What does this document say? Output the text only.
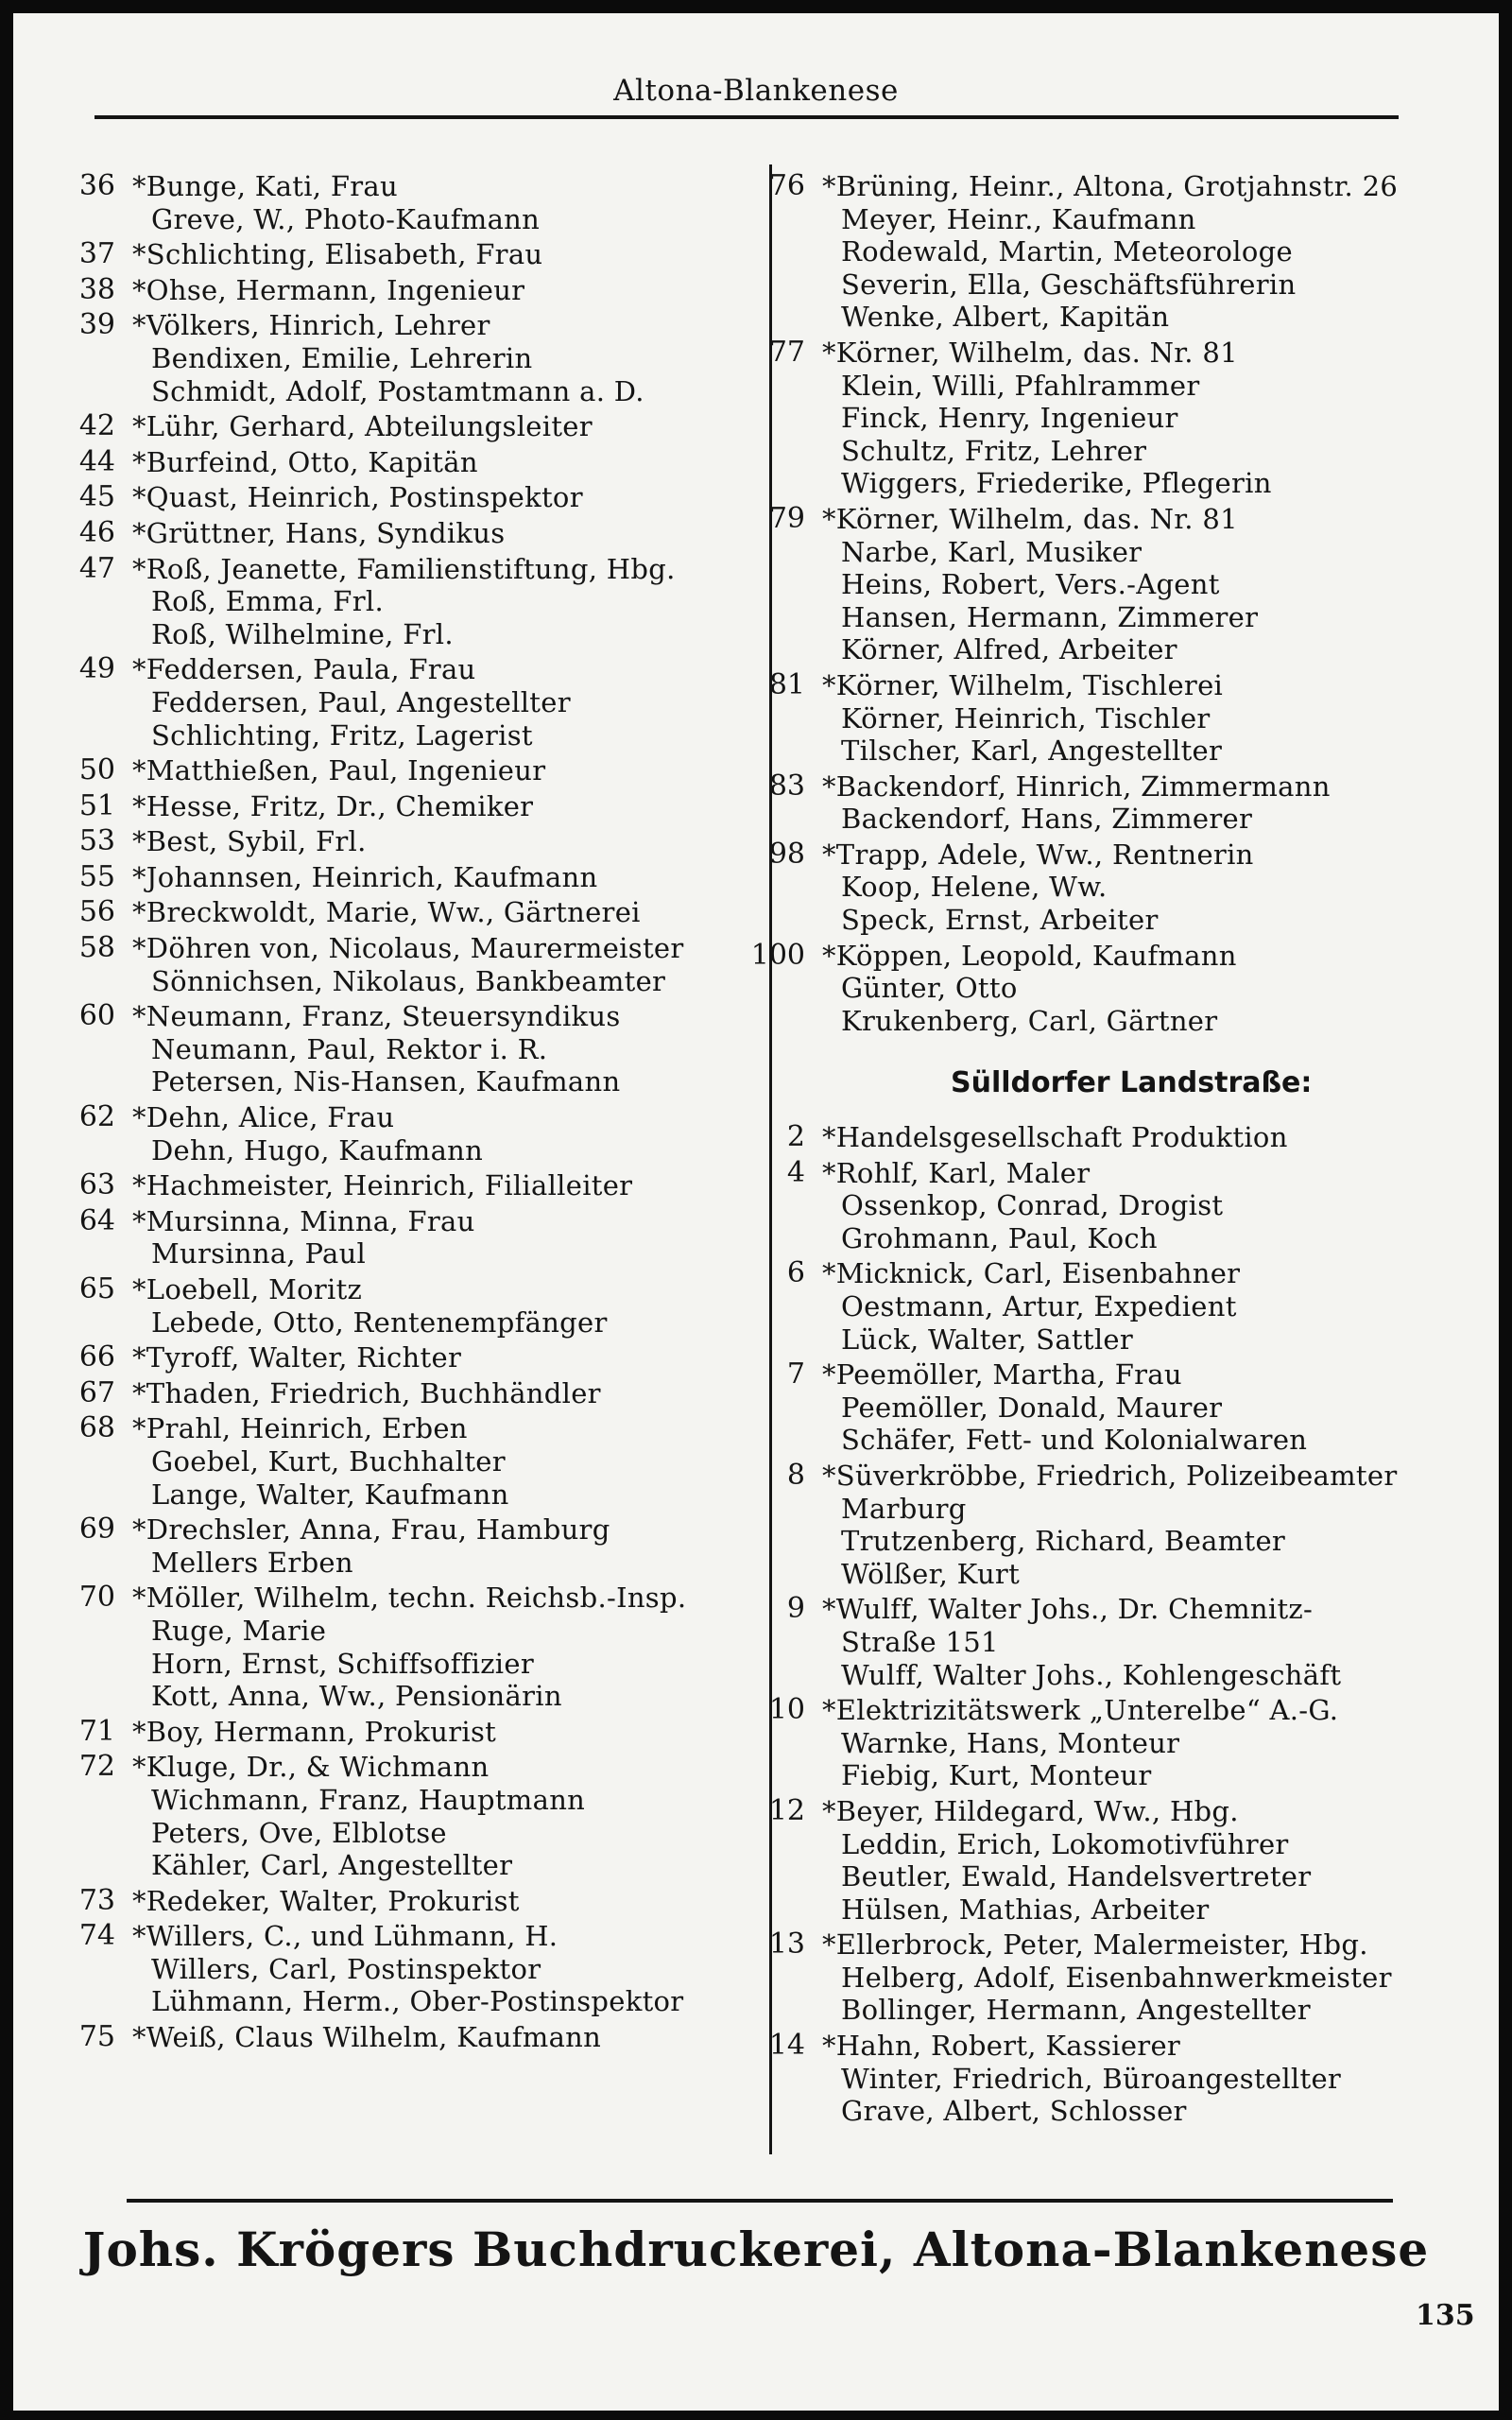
Altona-Blankenese
36 *Bunge, Kati, Frau
Greve, W., Photo-Kaufmann
37 *Schlichting, Elisabeth, Frau
38 *Ohse, Hermann, Ingenieur
39 *Völkers, Hinrich, Lehrer
Bendixen, Emilie, Lehrerin
Schmidt, Adolf, Postamtmann a. D.
42 *Lühr, Gerhard, Abteilungsleiter
44 *Burfeind, Otto, Kapitän
45 *Quast, Heinrich, Postinspektor
46 *Grüttner, Hans, Syndikus
47 *Roß, Jeanette, Familienstiftung, Hbg.
Roß, Emma, Frl.
Roß, Wilhelmine, Frl.
49 *Feddersen, Paula, Frau
Feddersen, Paul, Angestellter
Schlichting, Fritz, Lagerist
50 *Matthießen, Paul, Ingenieur
51 *Hesse, Fritz, Dr., Chemiker
53 *Best, Sybil, Frl.
55 *Johannsen, Heinrich, Kaufmann
56 *Breckwoldt, Marie, Ww., Gärtnerei
58 *Döhren von, Nicolaus, Maurermeister
Sönnichsen, Nikolaus, Bankbeamter
60 *Neumann, Franz, Steuersyndikus
Neumann, Paul, Rektor i. R.
Petersen, Nis-Hansen, Kaufmann
62 *Dehn, Alice, Frau
Dehn, Hugo, Kaufmann
63 *Hachmeister, Heinrich, Filialleiter
64 *Mursinna, Minna, Frau
Mursinna, Paul
65 *Loebell, Moritz
Lebede, Otto, Rentenempfänger
66 *Tyroff, Walter, Richter
67 *Thaden, Friedrich, Buchhändler
68 *Prahl, Heinrich, Erben
Goebel, Kurt, Buchhalter
Lange, Walter, Kaufmann
69 *Drechsler, Anna, Frau, Hamburg
Mellers Erben
70 *Möller, Wilhelm, techn. Reichsb.-Insp.
Ruge, Marie
Horn, Ernst, Schiffsoffizier
Kott, Anna, Ww., Pensionärin
71 *Boy, Hermann, Prokurist
72 *Kluge, Dr., & Wichmann
Wichmann, Franz, Hauptmann
Peters, Ove, Elblotse
Kähler, Carl, Angestellter
73 *Redeker, Walter, Prokurist
74 *Willers, C., und Lühmann, H.
Willers, Carl, Postinspektor
Lühmann, Herm., Ober-Postinspektor
75 *Weiß, Claus Wilhelm, Kaufmann
76 *Brüning, Heinr., Altona, Grotjahnstr. 26
Meyer, Heinr., Kaufmann
Rodewald, Martin, Meteorologe
Severin, Ella, Geschäftsführerin
Wenke, Albert, Kapitän
77 *Körner, Wilhelm, das. Nr. 81
Klein, Willi, Pfahlrammer
Finck, Henry, Ingenieur
Schultz, Fritz, Lehrer
Wiggers, Friederike, Pflegerin
79 *Körner, Wilhelm, das. Nr. 81
Narbe, Karl, Musiker
Heins, Robert, Vers.-Agent
Hansen, Hermann, Zimmerer
Körner, Alfred, Arbeiter
81 *Körner, Wilhelm, Tischlerei
Körner, Heinrich, Tischler
Tilscher, Karl, Angestellter
83 *Backendorf, Hinrich, Zimmermann
Backendorf, Hans, Zimmerer
98 *Trapp, Adele, Ww., Rentnerin
Koop, Helene, Ww.
Speck, Ernst, Arbeiter
100 *Köppen, Leopold, Kaufmann
Günter, Otto
Krukenberg, Carl, Gärtner
Sülldorfer Landstraße:
2 *Handelsgesellschaft Produktion
4 *Rohlf, Karl, Maler
Ossenkop, Conrad, Drogist
Grohmann, Paul, Koch
6 *Micknick, Carl, Eisenbahner
Oestmann, Artur, Expedient
Lück, Walter, Sattler
7 *Peemöller, Martha, Frau
Peemöller, Donald, Maurer
Schäfer, Fett- und Kolonialwaren
8 *Süverkröbbe, Friedrich, Polizeibeamter
Marburg
Trutzenberg, Richard, Beamter
Wölßer, Kurt
9 *Wulff, Walter Johs., Dr. Chemnitz-
Straße 151
Wulff, Walter Johs., Kohlengeschäft
10 *Elektrizitätswerk „Unterelbe“ A.-G.
Warnke, Hans, Monteur
Fiebig, Kurt, Monteur
12 *Beyer, Hildegard, Ww., Hbg.
Leddin, Erich, Lokomotivführer
Beutler, Ewald, Handelsvertreter
Hülsen, Mathias, Arbeiter
13 *Ellerbrock, Peter, Malermeister, Hbg.
Helberg, Adolf, Eisenbahnwerkmeister
Bollinger, Hermann, Angestellter
14 *Hahn, Robert, Kassierer
Winter, Friedrich, Büroangestellter
Grave, Albert, Schlosser
Johs. Krögers Buchdruckerei, Altona-Blankenese
135
